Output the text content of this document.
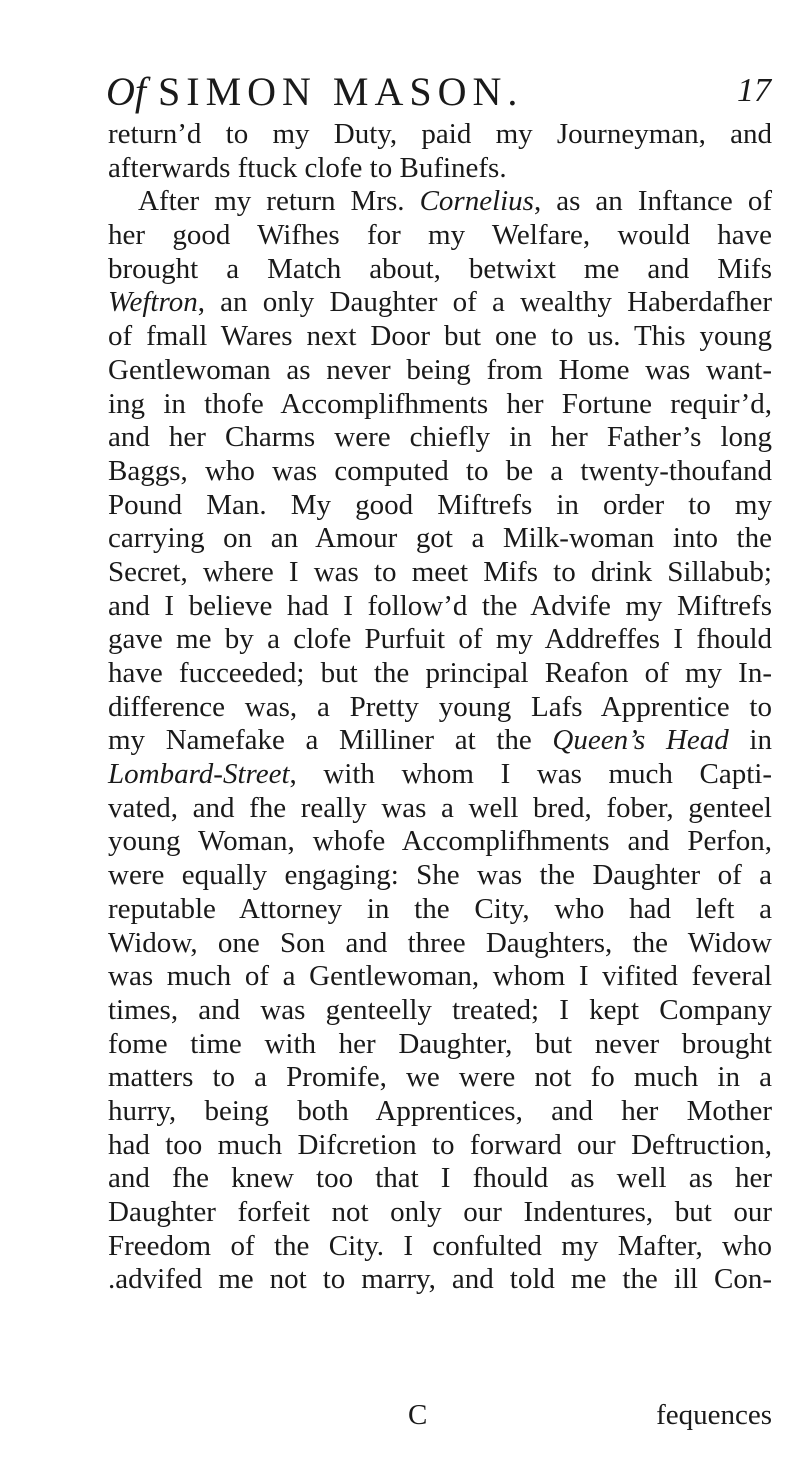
Of SIMON MASON.	17
return’d to my Duty, paid my Journeyman, and
afterwards ftuck clofe to Bufinefs.
After my return Mrs. Cornelius, as an Inftance of
her good Wifhes for my Welfare, would have
brought a Match about, betwixt me and Mifs
Weftron, an only Daughter of a wealthy Haberdafher
of fmall Wares next Door but one to us. This young
Gentlewoman as never being from Home was want-
ing in thofe Accomplifhments her Fortune requir’d,
and her Charms were chiefly in her Father’s long
Baggs, who was computed to be a twenty-thoufand
Pound Man. My good Miftrefs in order to my
carrying on an Amour got a Milk-woman into the
Secret, where I was to meet Mifs to drink Sillabub;
and I believe had I follow’d the Advife my Miftrefs
gave me by a clofe Purfuit of my Addreffes I fhould
have fucceeded; but the principal Reafon of my In-
difference was, a Pretty young Lafs Apprentice to
my Namefake a Milliner at the Queen’s Head in
Lombard-Street, with whom I was much Capti-
vated, and fhe really was a well bred, fober, genteel
young Woman, whofe Accomplifhments and Perfon,
were equally engaging: She was the Daughter of a
reputable Attorney in the City, who had left a
Widow, one Son and three Daughters, the Widow
was much of a Gentlewoman, whom I vifited feveral
times, and was genteelly treated; I kept Company
fome time with her Daughter, but never brought
matters to a Promife, we were not fo much in a
hurry, being both Apprentices, and her Mother
had too much Difcretion to forward our Deftruction,
and fhe knew too that I fhould as well as her
Daughter forfeit not only our Indentures, but our
Freedom of the City. I confulted my Mafter, who
.advifed me not to marry, and told me the ill Con-
C	fequences
